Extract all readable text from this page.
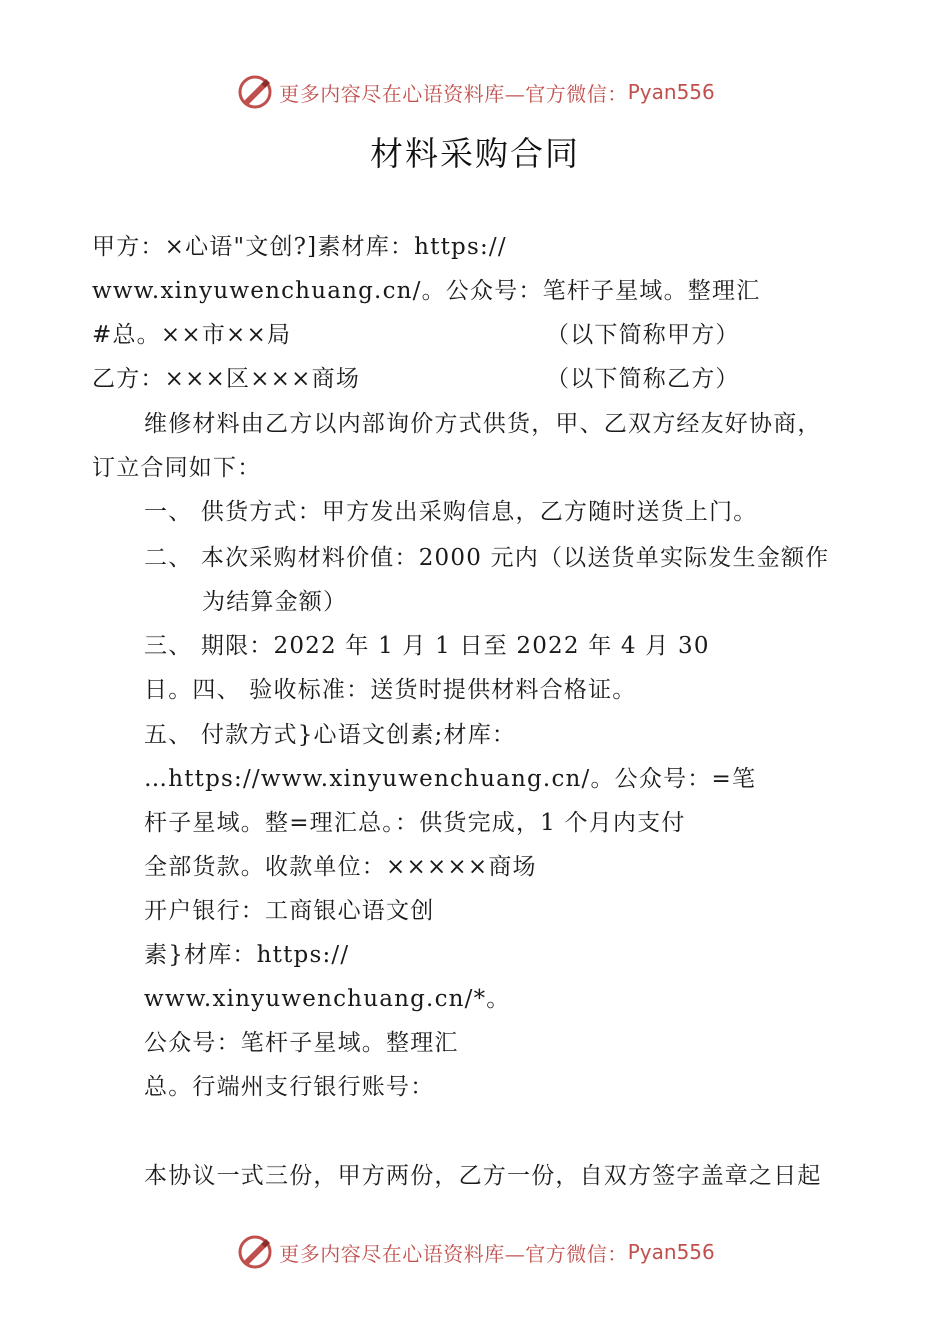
更多内容尽在心语资料库—官方微信： Pyan556
材料采购合同
甲方：×心语"文创?]素材库：https://
www.xinyuwenchuang.cn/。公众号：笔杆子星域。整理汇
#总。××市××局	（以下简称甲方）
乙方：×××区×××商场	（以下简称乙方）
维修材料由乙方以内部询价方式供货，甲、乙双方经友好协商，
订立合同如下：
一、 供货方式：甲方发出采购信息，乙方随时送货上门。
二、 本次采购材料价值：2000 元内（以送货单实际发生金额作
为结算金额）
三、 期限：2022 年 1 月 1 日至 2022 年 4 月 30
日。四、 验收标准：送货时提供材料合格证。
五、 付款方式}心语文创素;材库：
…https://www.xinyuwenchuang.cn/。公众号：=笔
杆子星域。整=理汇总。：供货完成，1 个月内支付
全部货款。收款单位：×××××商场
开户银行：工商银心语文创
素}材库：https://
www.xinyuwenchuang.cn/*。
公众号：笔杆子星域。整理汇
总。行端州支行银行账号：
本协议一式三份，甲方两份，乙方一份，自双方签字盖章之日起
更多内容尽在心语资料库—官方微信： Pyan556
